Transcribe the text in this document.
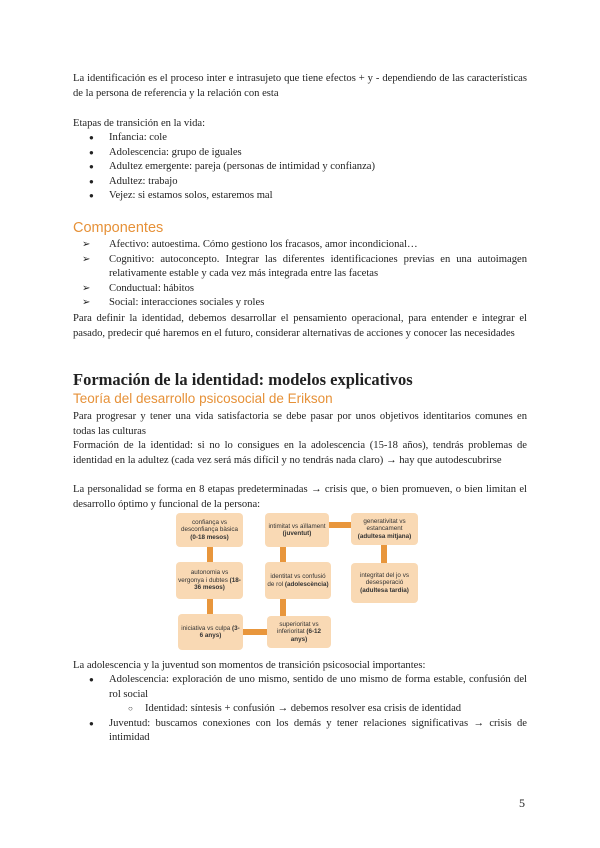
La identificación es el proceso inter e intrasujeto que tiene efectos + y - dependiendo de las características de la persona de referencia y la relación con esta

Etapas de transición en la vida:

● Infancia: cole
● Adolescencia: grupo de iguales
● Adultez emergente: pareja (personas de intimidad y confianza)
● Adultez: trabajo
● Vejez: si estamos solos, estaremos mal

Componentes

➢ Afectivo: autoestima. Cómo gestiono los fracasos, amor incondicional…
➢ Cognitivo: autoconcepto. Integrar las diferentes identificaciones previas en una autoimagen relativamente estable y cada vez más integrada entre las facetas
➢ Conductual: hábitos
➢ Social: interacciones sociales y roles

Para definir la identidad, debemos desarrollar el pensamiento operacional, para entender e integrar el pasado, predecir qué haremos en el futuro, considerar alternativas de acciones y conocer las necesidades

Formación de la identidad: modelos explicativos

Teoría del desarrollo psicosocial de Erikson

Para progresar y tener una vida satisfactoria se debe pasar por unos objetivos identitarios comunes en todas las culturas

Formación de la identidad: si no lo consigues en la adolescencia (15-18 años), tendrás problemas de identidad en la adultez (cada vez será más difícil y no tendrás nada claro) → hay que autodescubrirse

La personalidad se forma en 8 etapas predeterminadas → crisis que, o bien promueven, o bien limitan el desarrollo óptimo y funcional de la persona:

La adolescencia y la juventud son momentos de transición psicosocial importantes:

● Adolescencia: exploración de uno mismo, sentido de uno mismo de forma estable, confusión del rol social
○ Identidad: síntesis + confusión → debemos resolver esa crisis de identidad
● Juventud: buscamos conexiones con los demás y tener relaciones significativas → crisis de intimidad
confiança vs desconfiança bàsica (0-18 mesos)
autonomia vs vergonya i dubtes (18-36 mesos)
iniciativa vs culpa (3-6 anys)
superioritat vs inferioritat (6-12 anys)
identitat vs confusió de rol (adolescència)
intimitat vs aïllament (juventut)
generativitat vs estancament (adultesa mitjana)
integritat del jo vs desesperació (adultesa tardia)
5
